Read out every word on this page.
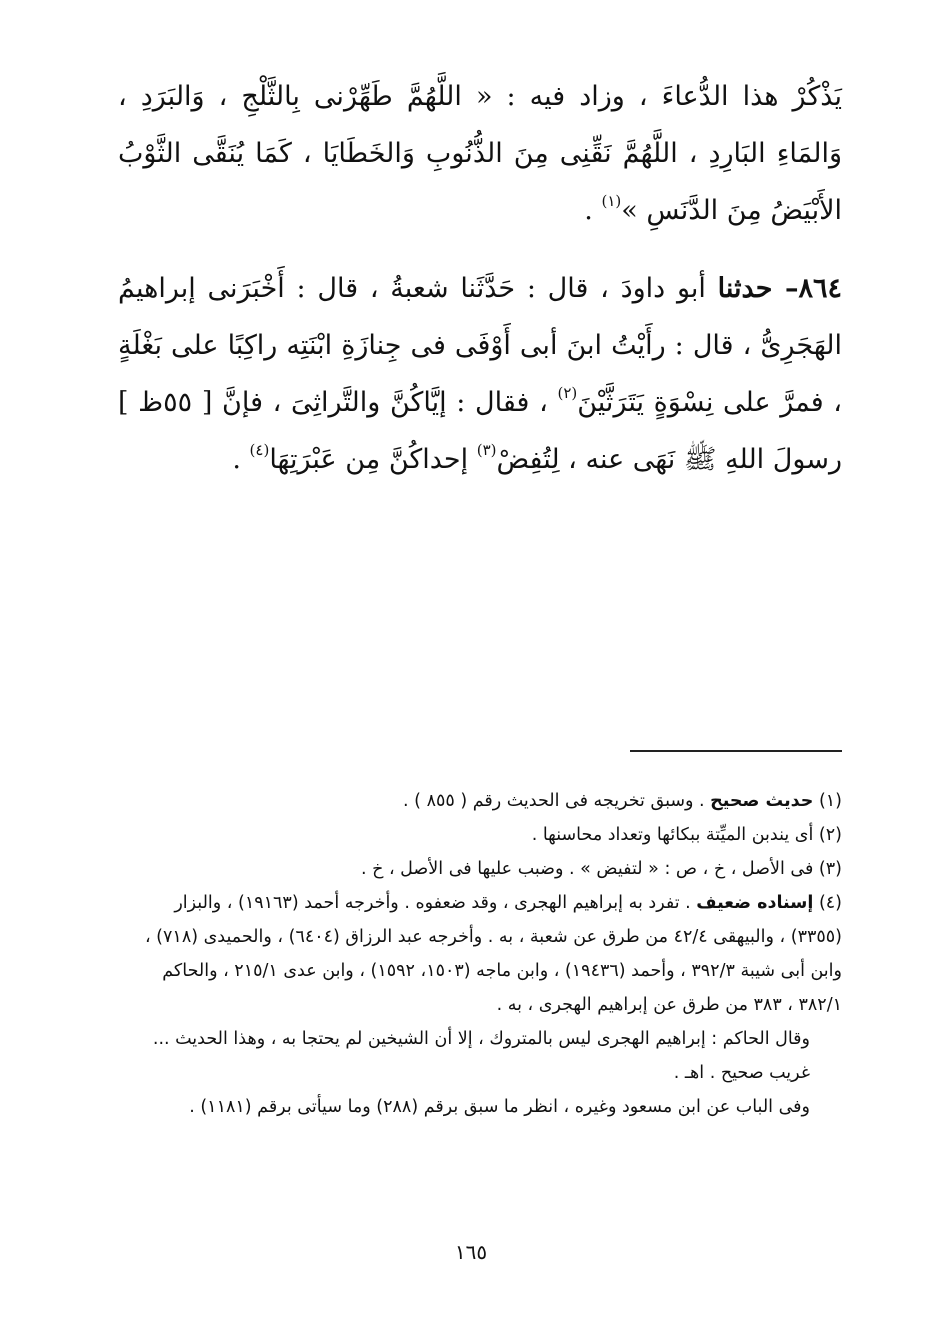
يَذْكُرْ هذا الدُّعاءَ ، وزاد فيه : « اللَّهُمَّ طَهِّرْنى بِالثَّلْجِ ، وَالبَرَدِ ، وَالمَاءِ البَارِدِ ، اللَّهُمَّ نَقِّنِى مِنَ الذُّنُوبِ وَالخَطَايَا ، كَمَا يُنَقَّى الثَّوْبُ الأَبْيَضُ مِنَ الدَّنَسِ »$^{(١)}$ .

٨٦٤– حدثنا أبو داودَ ، قال : حَدَّثَنا شعبةُ ، قال : أَخْبَرَنى إبراهيمُ الهَجَرِىُّ ، قال : رأَيْتُ ابنَ أبى أَوْفَى فى جِنازَةِ ابْنَتِه راكِبًا على بَغْلَةٍ ، فمرَّ على نِسْوَةٍ يَتَرَثَّيْنَ$^{(٢)}$ ، فقال : إيَّاكُنَّ والتَّراثِىَ ، فإنَّ [ ٥٥ظ ] رسولَ اللهِ ﷺ نَهَى عنه ، لِتُفِضْ$^{(٣)}$ إحداكُنَّ مِن عَبْرَتِهَا$^{(٤)}$ .

(١) حديث صحيح . وسبق تخريجه فى الحديث رقم ( ٨٥٥ ) .

(٢) أى يندبن الميِّتة ببكائها وتعداد محاسنها .

(٣) فى الأصل ، خ ، ص : « لتفيض » . وضبب عليها فى الأصل ، خ .

(٤) إسناده ضعيف . تفرد به إبراهيم الهجرى ، وقد ضعفوه . وأخرجه أحمد (١٩١٦٣) ، والبزار (٣٣٥٥) ، والبيهقى ٤٢/٤ من طرق عن شعبة ، به . وأخرجه عبد الرزاق (٦٤٠٤) ، والحميدى (٧١٨) ، وابن أبى شيبة ٣٩٢/٣ ، وأحمد (١٩٤٣٦) ، وابن ماجه (١٥٠٣، ١٥٩٢) ، وابن عدى ٢١٥/١ ، والحاكم ٣٨٢/١ ، ٣٨٣ من طرق عن إبراهيم الهجرى ، به .

وقال الحاكم : إبراهيم الهجرى ليس بالمتروك ، إلا أن الشيخين لم يحتجا به ، وهذا الحديث ... غريب صحيح . اهـ .

وفى الباب عن ابن مسعود وغيره ، انظر ما سبق برقم (٢٨٨) وما سيأتى برقم (١١٨١) .

١٦٥
